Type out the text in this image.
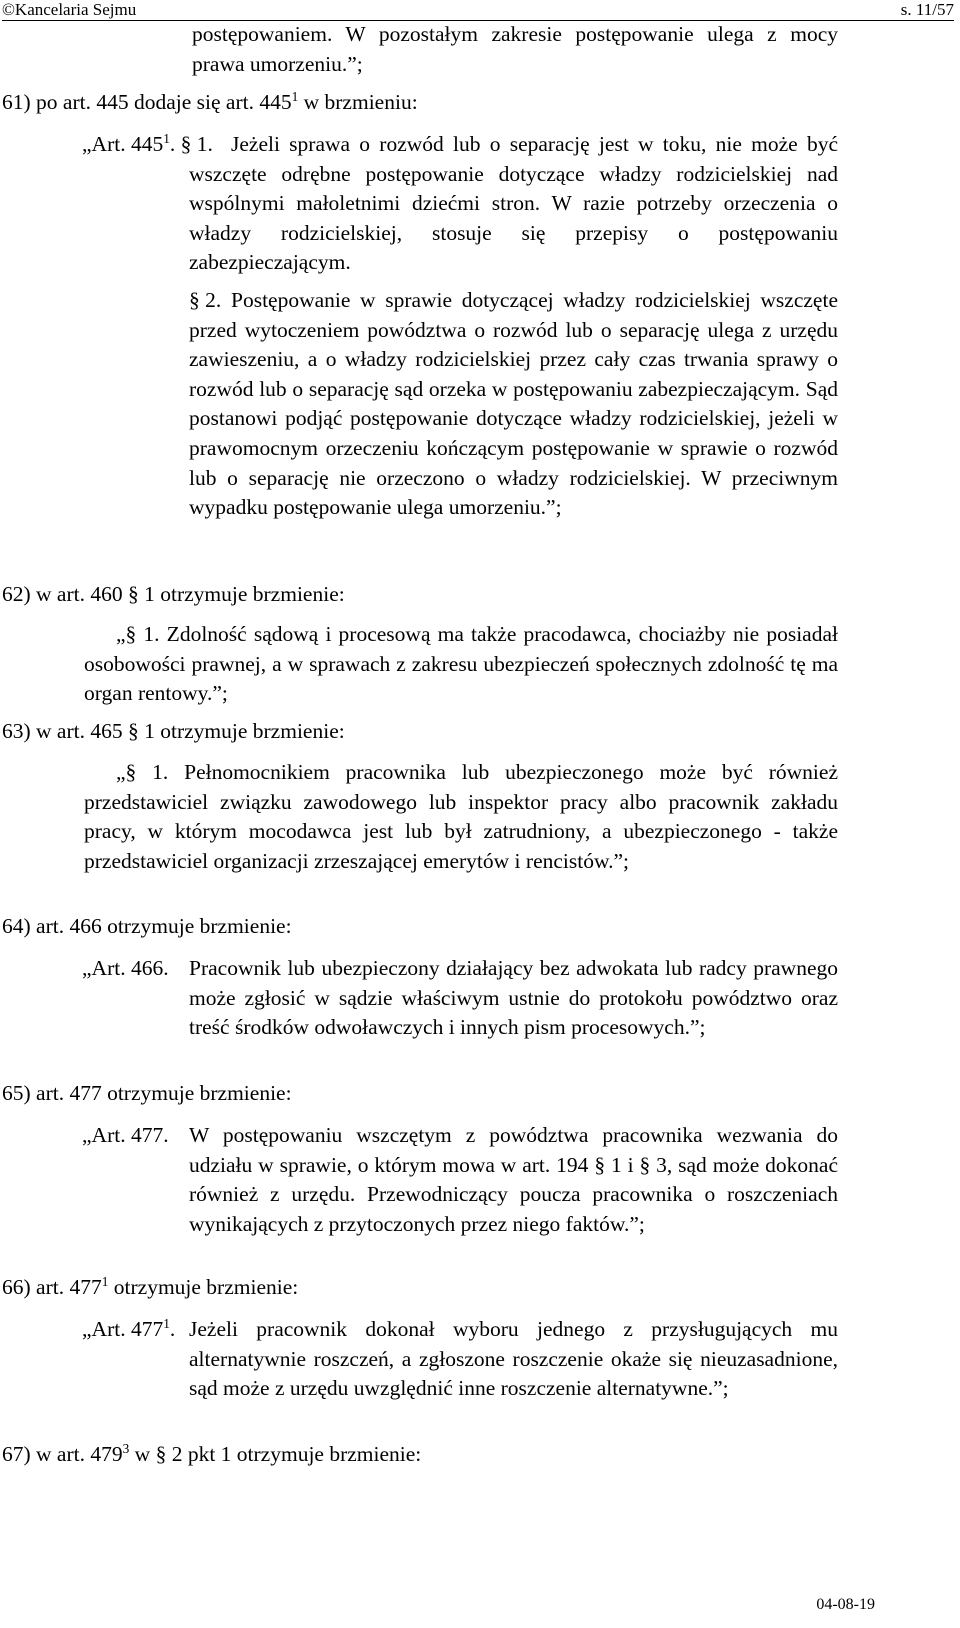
©Kancelaria Sejmu	s. 11/57
postępowaniem. W pozostałym zakresie postępowanie ulega z mocy prawa umorzeniu.”;
61) po art. 445 dodaje się art. $445^1$ w brzmieniu:
„Art. $445^1$. § 1. Jeżeli sprawa o rozwód lub o separację jest w toku, nie może być wszczęte odrębne postępowanie dotyczące władzy rodzicielskiej nad wspólnymi małoletnimi dziećmi stron. W razie potrzeby orzeczenia o władzy rodzicielskiej, stosuje się przepisy o postępowaniu zabezpieczającym.
§ 2. Postępowanie w sprawie dotyczącej władzy rodzicielskiej wszczęte przed wytoczeniem powództwa o rozwód lub o separację ulega z urzędu zawieszeniu, a o władzy rodzicielskiej przez cały czas trwania sprawy o rozwód lub o separację sąd orzeka w postępowaniu zabezpieczającym. Sąd postanowi podjąć postępowanie dotyczące władzy rodzicielskiej, jeżeli w prawomocnym orzeczeniu kończącym postępowanie w sprawie o rozwód lub o separację nie orzeczono o władzy rodzicielskiej. W przeciwnym wypadku postępowanie ulega umorzeniu.”;
62) w art. 460 § 1 otrzymuje brzmienie:
„§ 1. Zdolność sądową i procesową ma także pracodawca, chociażby nie posiadał osobowości prawnej, a w sprawach z zakresu ubezpieczeń społecznych zdolność tę ma organ rentowy.”;
63) w art. 465 § 1 otrzymuje brzmienie:
„§ 1. Pełnomocnikiem pracownika lub ubezpieczonego może być również przedstawiciel związku zawodowego lub inspektor pracy albo pracownik zakładu pracy, w którym mocodawca jest lub był zatrudniony, a ubezpieczonego - także przedstawiciel organizacji zrzeszającej emerytów i rencistów.”;
64) art. 466 otrzymuje brzmienie:
„Art. 466. Pracownik lub ubezpieczony działający bez adwokata lub radcy prawnego może zgłosić w sądzie właściwym ustnie do protokołu powództwo oraz treść środków odwoławczych i innych pism procesowych.”;
65) art. 477 otrzymuje brzmienie:
„Art. 477. W postępowaniu wszczętym z powództwa pracownika wezwania do udziału w sprawie, o którym mowa w art. 194 § 1 i § 3, sąd może dokonać również z urzędu. Przewodniczący poucza pracownika o roszczeniach wynikających z przytoczonych przez niego faktów.”;
66) art. $477^1$ otrzymuje brzmienie:
„Art. $477^1$. Jeżeli pracownik dokonał wyboru jednego z przysługujących mu alternatywnie roszczeń, a zgłoszone roszczenie okaże się nieuzasadnione, sąd może z urzędu uwzględnić inne roszczenie alternatywne.”;
67) w art. $479^3$ w § 2 pkt 1 otrzymuje brzmienie:
04-08-19
